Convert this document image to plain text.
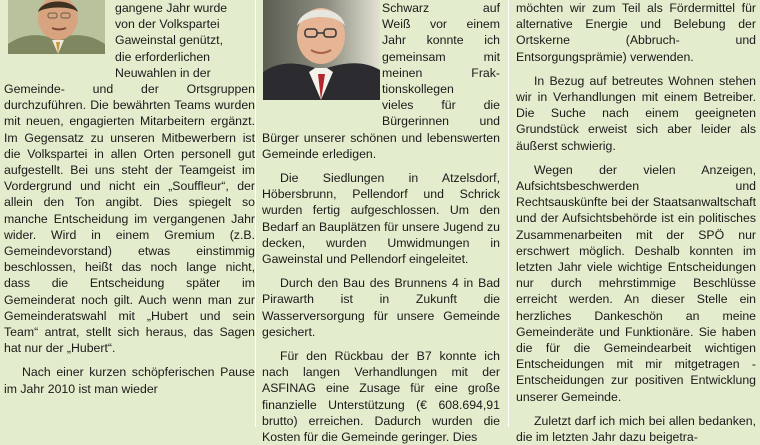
gangene Jahr wurde

von der Volkspartei

Gaweinstal genützt,

die erforderlichen

Neuwahlen in der

Gemeinde- und der Ortsgruppen durchzuführen. Die bewährten Teams wurden mit neuen, engagierten Mitarbeitern ergänzt. Im Gegensatz zu unseren Mitbewerbern ist die Volkspartei in allen Orten personell gut aufgestellt. Bei uns steht der Teamgeist im Vordergrund und nicht ein „Souffleur“, der allein den Ton angibt. Dies spiegelt so manche Entscheidung im vergangenen Jahr wider. Wird in einem Gremium (z.B. Gemeindevorstand) etwas einstimmig beschlossen, heißt das noch lange nicht, dass die Entscheidung später im Gemeinderat noch gilt. Auch wenn man zur Gemeinderatswahl mit „Hubert und sein Team“ antrat, stellt sich heraus, das Sagen hat nur der „Hubert“.

Nach einer kurzen schöpferischen Pause im Jahr 2010 ist man wieder

Schwarz auf

Weiß vor einem

Jahr konnte ich

gemeinsam mit

meinen Frak-

tionskollegen

vieles für die

Bürgerinnen und

Bürger unserer schönen und lebenswerten Gemeinde erledigen.

Die Siedlungen in Atzelsdorf, Höbersbrunn, Pellendorf und Schrick wurden fertig aufgeschlossen. Um den Bedarf an Bauplätzen für unsere Jugend zu decken, wurden Umwidmungen in Gaweinstal und Pellendorf eingeleitet.

Durch den Bau des Brunnens 4 in Bad Pirawarth ist in Zukunft die Wasserversorgung für unsere Gemeinde gesichert.

Für den Rückbau der B7 konnte ich nach langen Verhandlungen mit der ASFINAG eine Zusage für eine große finanzielle Unterstützung (€ 608.694,91 brutto) erreichen. Dadurch wurden die Kosten für die Gemeinde geringer. Dies

möchten wir zum Teil als Fördermittel für alternative Energie und Belebung der Ortskerne (Abbruch- und Entsorgungsprämie) verwenden.

In Bezug auf betreutes Wohnen stehen wir in Verhandlungen mit einem Betreiber. Die Suche nach einem geeigneten Grundstück erweist sich aber leider als äußerst schwierig.

Wegen der vielen Anzeigen, Aufsichtsbeschwerden und Rechtsauskünfte bei der Staatsanwaltschaft und der Aufsichtsbehörde ist ein politisches Zusammenarbeiten mit der SPÖ nur erschwert möglich. Deshalb konnten im letzten Jahr viele wichtige Entscheidungen nur durch mehrstimmige Beschlüsse erreicht werden. An dieser Stelle ein herzliches Dankeschön an meine Gemeinderäte und Funktionäre. Sie haben die für die Gemeindearbeit wichtigen Entscheidungen mit mir mitgetragen - Entscheidungen zur positiven Entwicklung unserer Gemeinde.

Zuletzt darf ich mich bei allen bedanken, die im letzten Jahr dazu beigetra-
